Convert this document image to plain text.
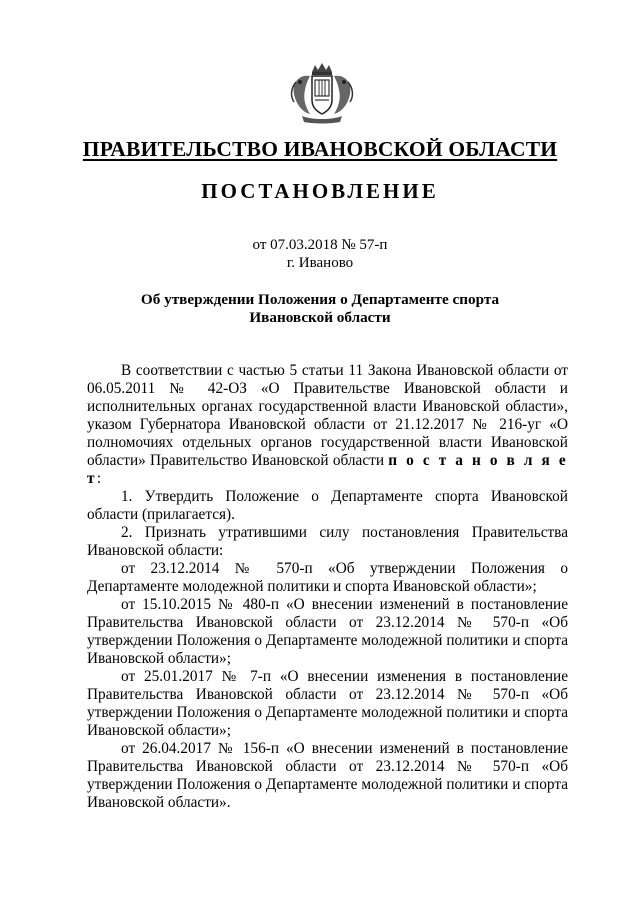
ПРАВИТЕЛЬСТВО ИВАНОВСКОЙ ОБЛАСТИ
ПОСТАНОВЛЕНИЕ
от 07.03.2018 № 57-п
г. Иваново
Об утверждении Положения о Департаменте спорта
Ивановской области

В соответствии с частью 5 статьи 11 Закона Ивановской области от 06.05.2011 № 42-ОЗ «О Правительстве Ивановской области и исполнительных органах государственной власти Ивановской области», указом Губернатора Ивановской области от 21.12.2017 № 216-уг «О полномочиях отдельных органов государственной власти Ивановской области» Правительство Ивановской области п о с т а н о в л я е т:

1. Утвердить Положение о Департаменте спорта Ивановской области (прилагается).

2. Признать утратившими силу постановления Правительства Ивановской области:

от 23.12.2014 № 570-п «Об утверждении Положения о Департаменте молодежной политики и спорта Ивановской области»;

от 15.10.2015 № 480-п «О внесении изменений в постановление Правительства Ивановской области от 23.12.2014 № 570-п «Об утверждении Положения о Департаменте молодежной политики и спорта Ивановской области»;

от 25.01.2017 № 7-п «О внесении изменения в постановление Правительства Ивановской области от 23.12.2014 № 570-п «Об утверждении Положения о Департаменте молодежной политики и спорта Ивановской области»;

от 26.04.2017 № 156-п «О внесении изменений в постановление Правительства Ивановской области от 23.12.2014 № 570-п «Об утверждении Положения о Департаменте молодежной политики и спорта Ивановской области».
